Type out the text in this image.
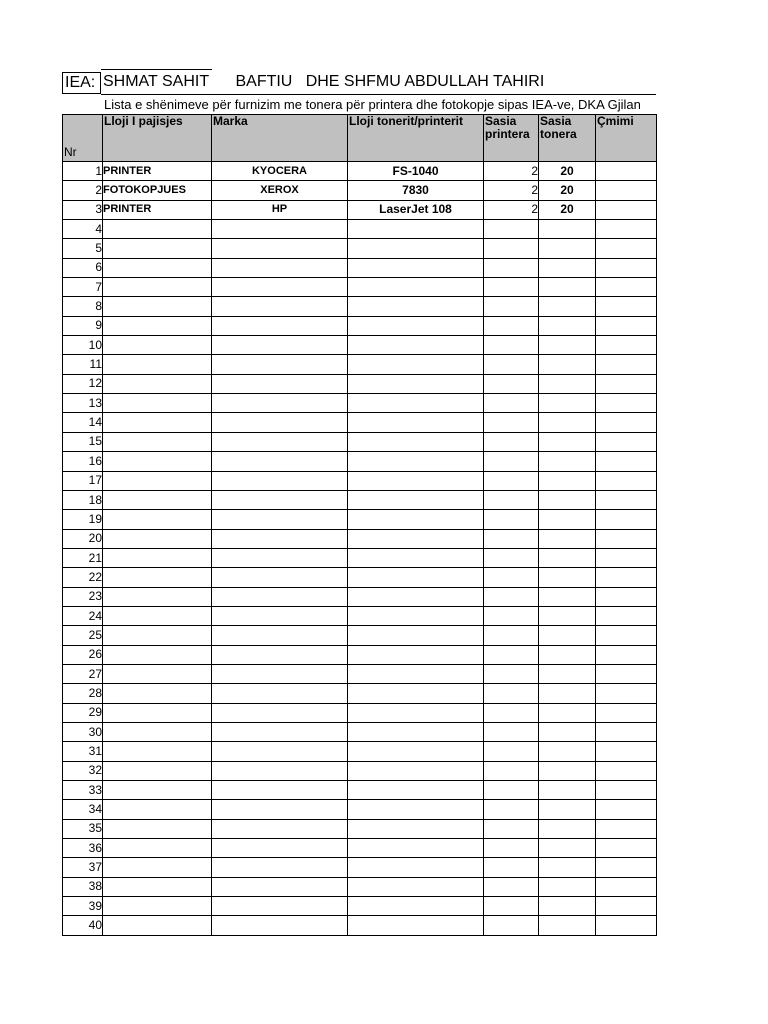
IEA: SHMAT SAHIT      BAFTIU   DHE SHFMU ABDULLAH TAHIRI
Lista e shënimeve për furnizim me tonera për printera dhe fotokopje sipas IEA-ve, DKA Gjilan
Nr	Lloji I pajisjes	Marka	Lloji tonerit/printerit	Sasia printera	Sasia tonera	Çmimi
1	PRINTER	KYOCERA	FS-1040	2	20	
2	FOTOKOPJUES	XEROX	7830	2	20	
3	PRINTER	HP	LaserJet 108	2	20	
4						
5						
6						
7						
8						
9						
10						
11						
12						
13						
14						
15						
16						
17						
18						
19						
20						
21						
22						
23						
24						
25						
26						
27						
28						
29						
30						
31						
32						
33						
34						
35						
36						
37						
38						
39						
40						
